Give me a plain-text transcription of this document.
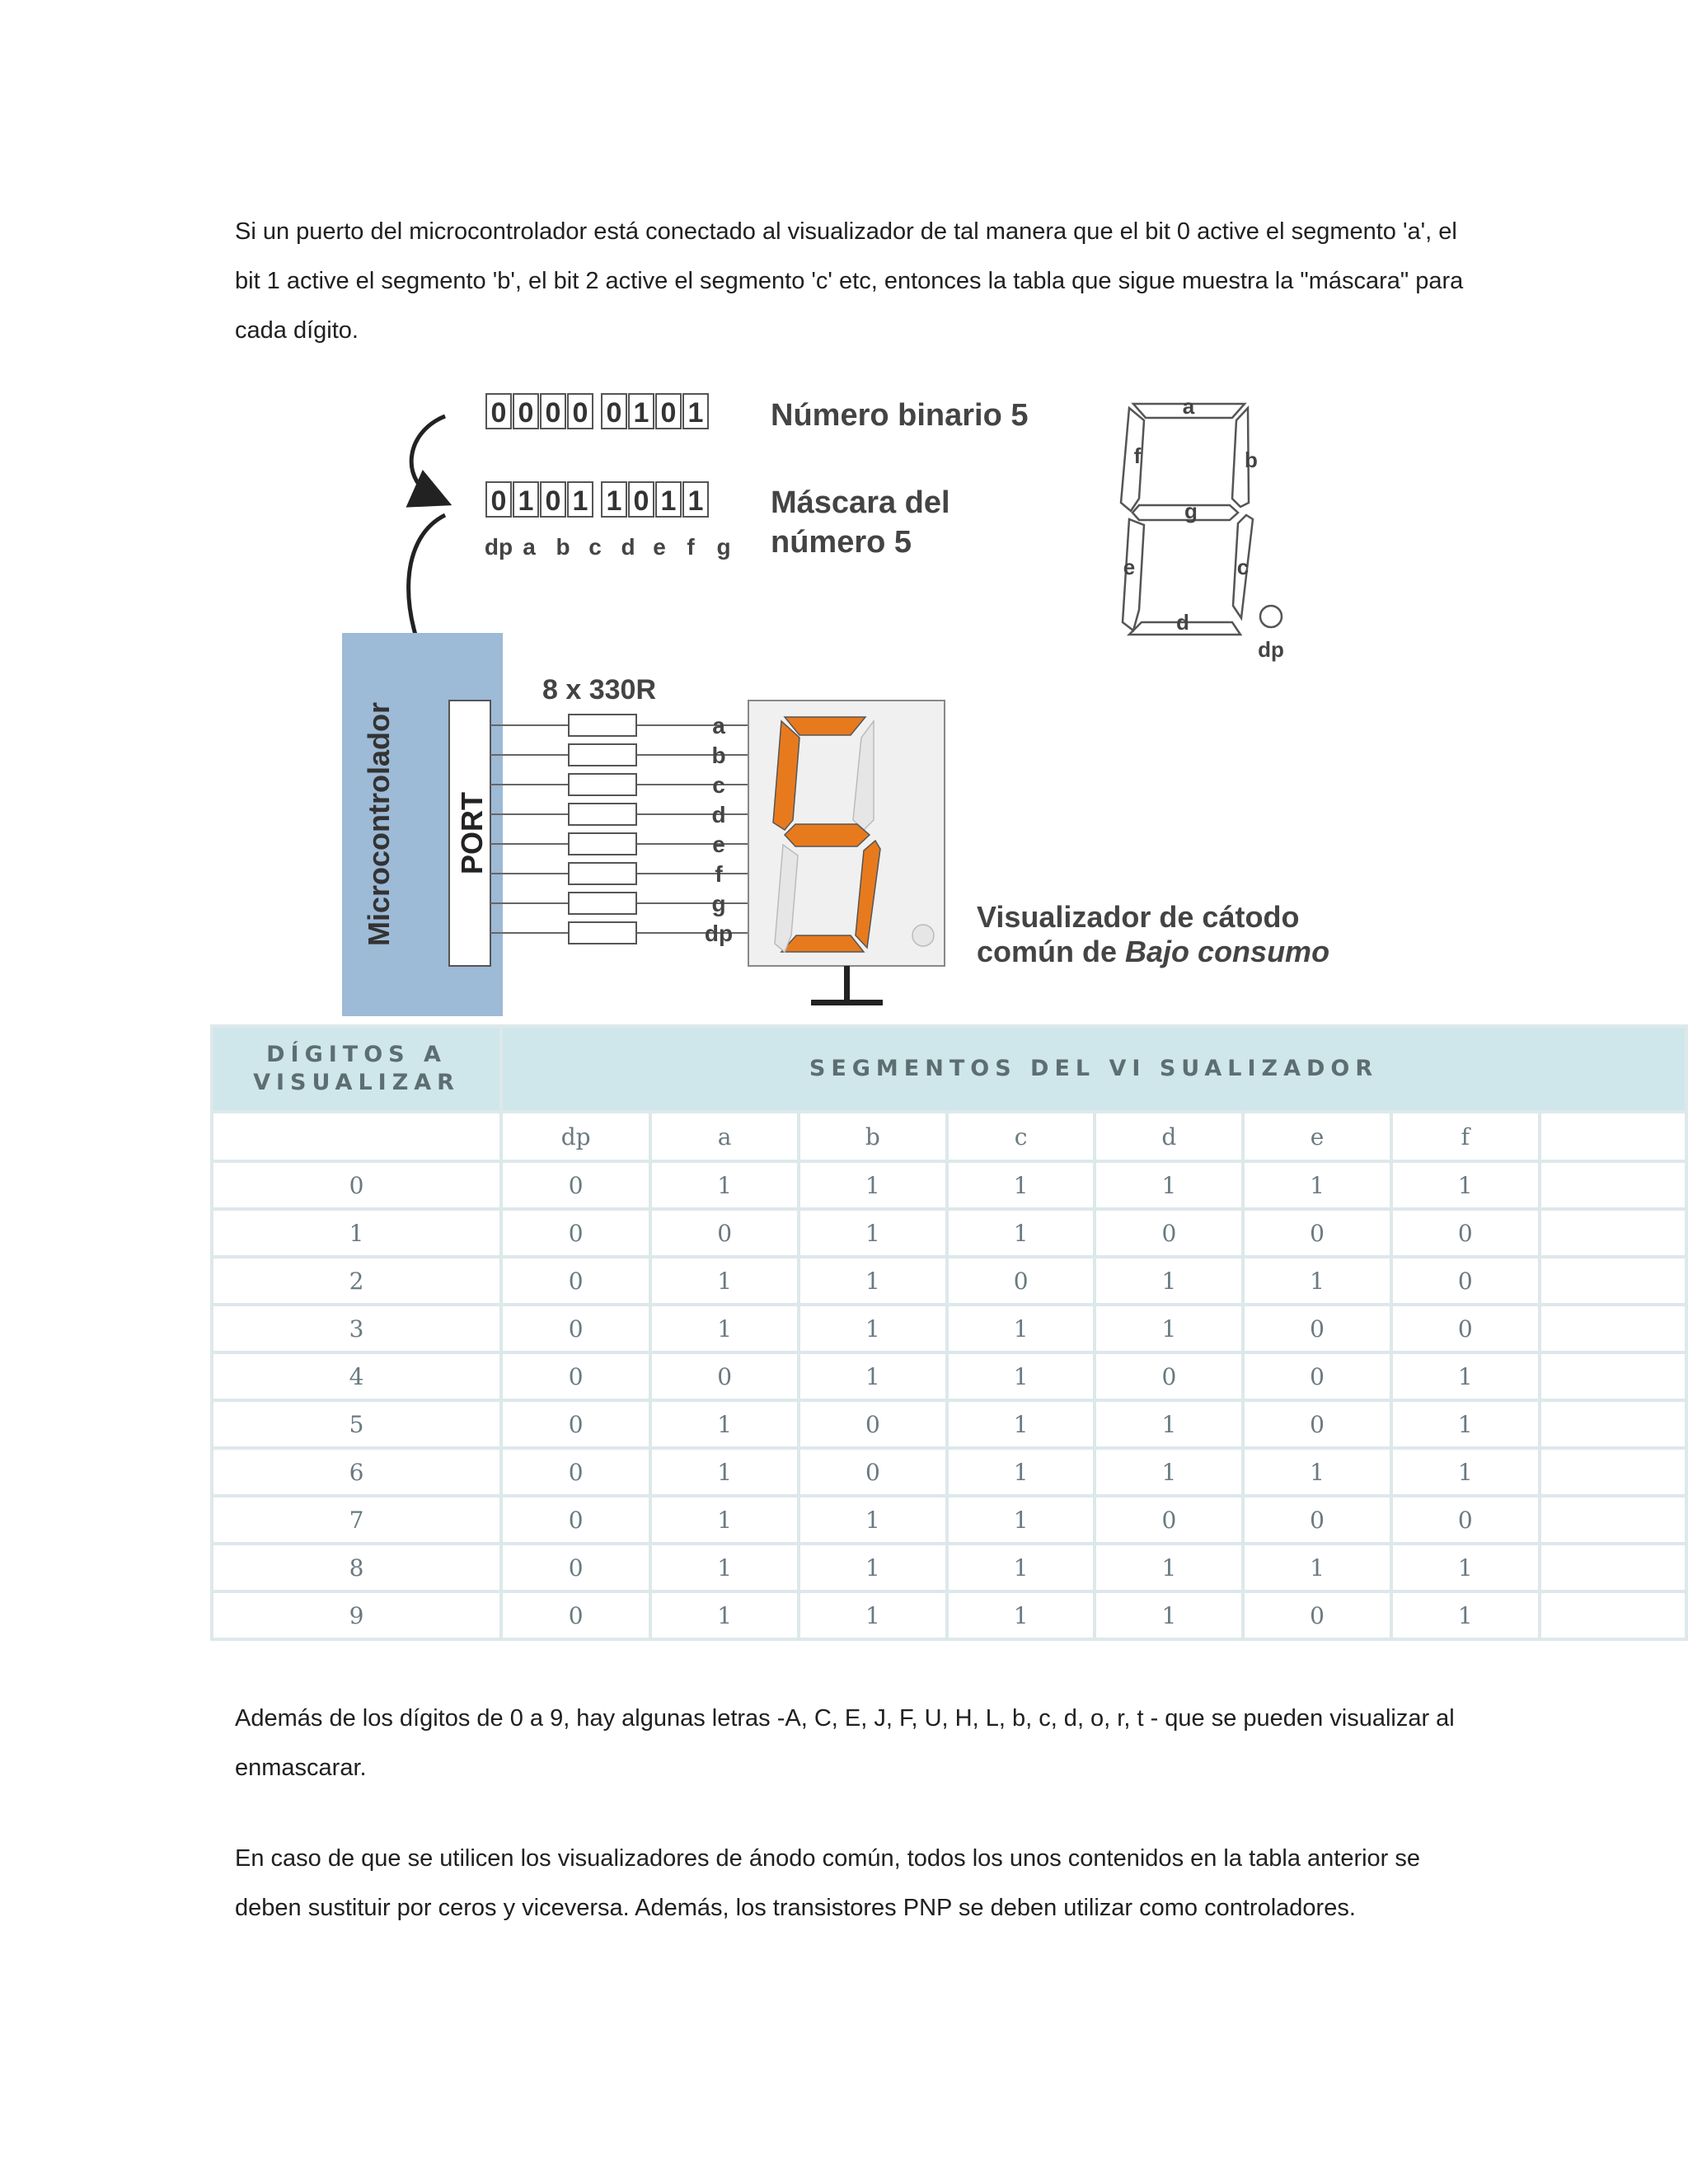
Si un puerto del microcontrolador está conectado al visualizador de tal manera que el bit 0 active el segmento 'a', el bit 1 active el segmento 'b', el bit 2 active el segmento 'c' etc, entonces la tabla que sigue muestra la "máscara" para cada dígito.

0 0 0 0 0 1 0 1
0 1 0 1 1 0 1 1
dp a b c d e f g
Número binario 5
Máscara del
número 5
a
b
c
d
e
f
g
dp
Microcontrolador PORT
8 x 330R
a
b
c
d
e
f
g
dp	Visualizador de cátodo
común de Bajo consumo
DÍGITOS A VISUALIZAR	SEGMENTOS DEL VI SUALIZADOR							
	dp	a	b	c	d	e	f	
0	0	1	1	1	1	1	1	
1	0	0	1	1	0	0	0	
2	0	1	1	0	1	1	0	
3	0	1	1	1	1	0	0	
4	0	0	1	1	0	0	1	
5	0	1	0	1	1	0	1	
6	0	1	0	1	1	1	1	
7	0	1	1	1	0	0	0	
8	0	1	1	1	1	1	1	
9	0	1	1	1	1	0	1	

Además de los dígitos de 0 a 9, hay algunas letras -A, C, E, J, F, U, H, L, b, c, d, o, r, t - que se pueden visualizar al enmascarar.

En caso de que se utilicen los visualizadores de ánodo común, todos los unos contenidos en la tabla anterior se deben sustituir por ceros y viceversa. Además, los transistores PNP se deben utilizar como controladores.
